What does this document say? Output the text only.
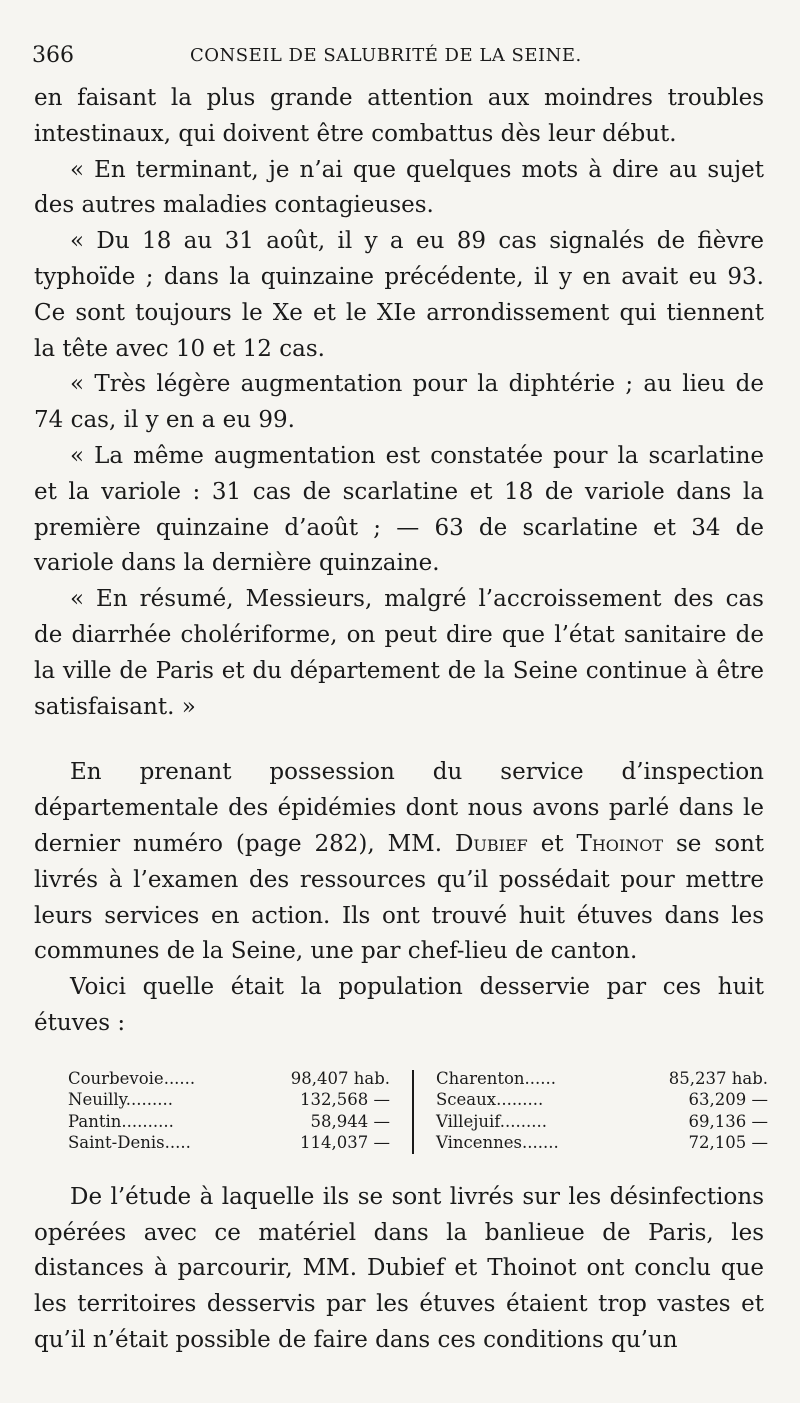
366	CONSEIL DE SALUBRITÉ DE LA SEINE.

en faisant la plus grande attention aux moindres troubles intestinaux, qui doivent être combattus dès leur début.

« En terminant, je n’ai que quelques mots à dire au sujet des autres maladies contagieuses.

« Du 18 au 31 août, il y a eu 89 cas signalés de fièvre typhoïde ; dans la quinzaine précédente, il y en avait eu 93. Ce sont toujours le Xe et le XIe arrondissement qui tiennent la tête avec 10 et 12 cas.

« Très légère augmentation pour la diphtérie ; au lieu de 74 cas, il y en a eu 99.

« La même augmentation est constatée pour la scarlatine et la variole : 31 cas de scarlatine et 18 de variole dans la première quinzaine d’août ; — 63 de scarlatine et 34 de variole dans la dernière quinzaine.

« En résumé, Messieurs, malgré l’accroissement des cas de diarrhée cholériforme, on peut dire que l’état sanitaire de la ville de Paris et du département de la Seine continue à être satisfaisant. »

En prenant possession du service d’inspection départementale des épidémies dont nous avons parlé dans le dernier numéro (page 282), MM. Dubief et Thoinot se sont livrés à l’examen des ressources qu’il possédait pour mettre leurs services en action. Ils ont trouvé huit étuves dans les communes de la Seine, une par chef-lieu de canton.

Voici quelle était la population desservie par ces huit étuves :

Courbevoie......	98,407 hab.
Neuilly.........	132,568 —
Pantin..........	58,944 —
Saint-Denis.....	114,037 —
Charenton......	85,237 hab.
Sceaux.........	63,209 —
Villejuif.........	69,136 —
Vincennes.......	72,105 —

De l’étude à laquelle ils se sont livrés sur les désinfections opérées avec ce matériel dans la banlieue de Paris, les distances à parcourir, MM. Dubief et Thoinot ont conclu que les territoires desservis par les étuves étaient trop vastes et qu’il n’était possible de faire dans ces conditions qu’un
